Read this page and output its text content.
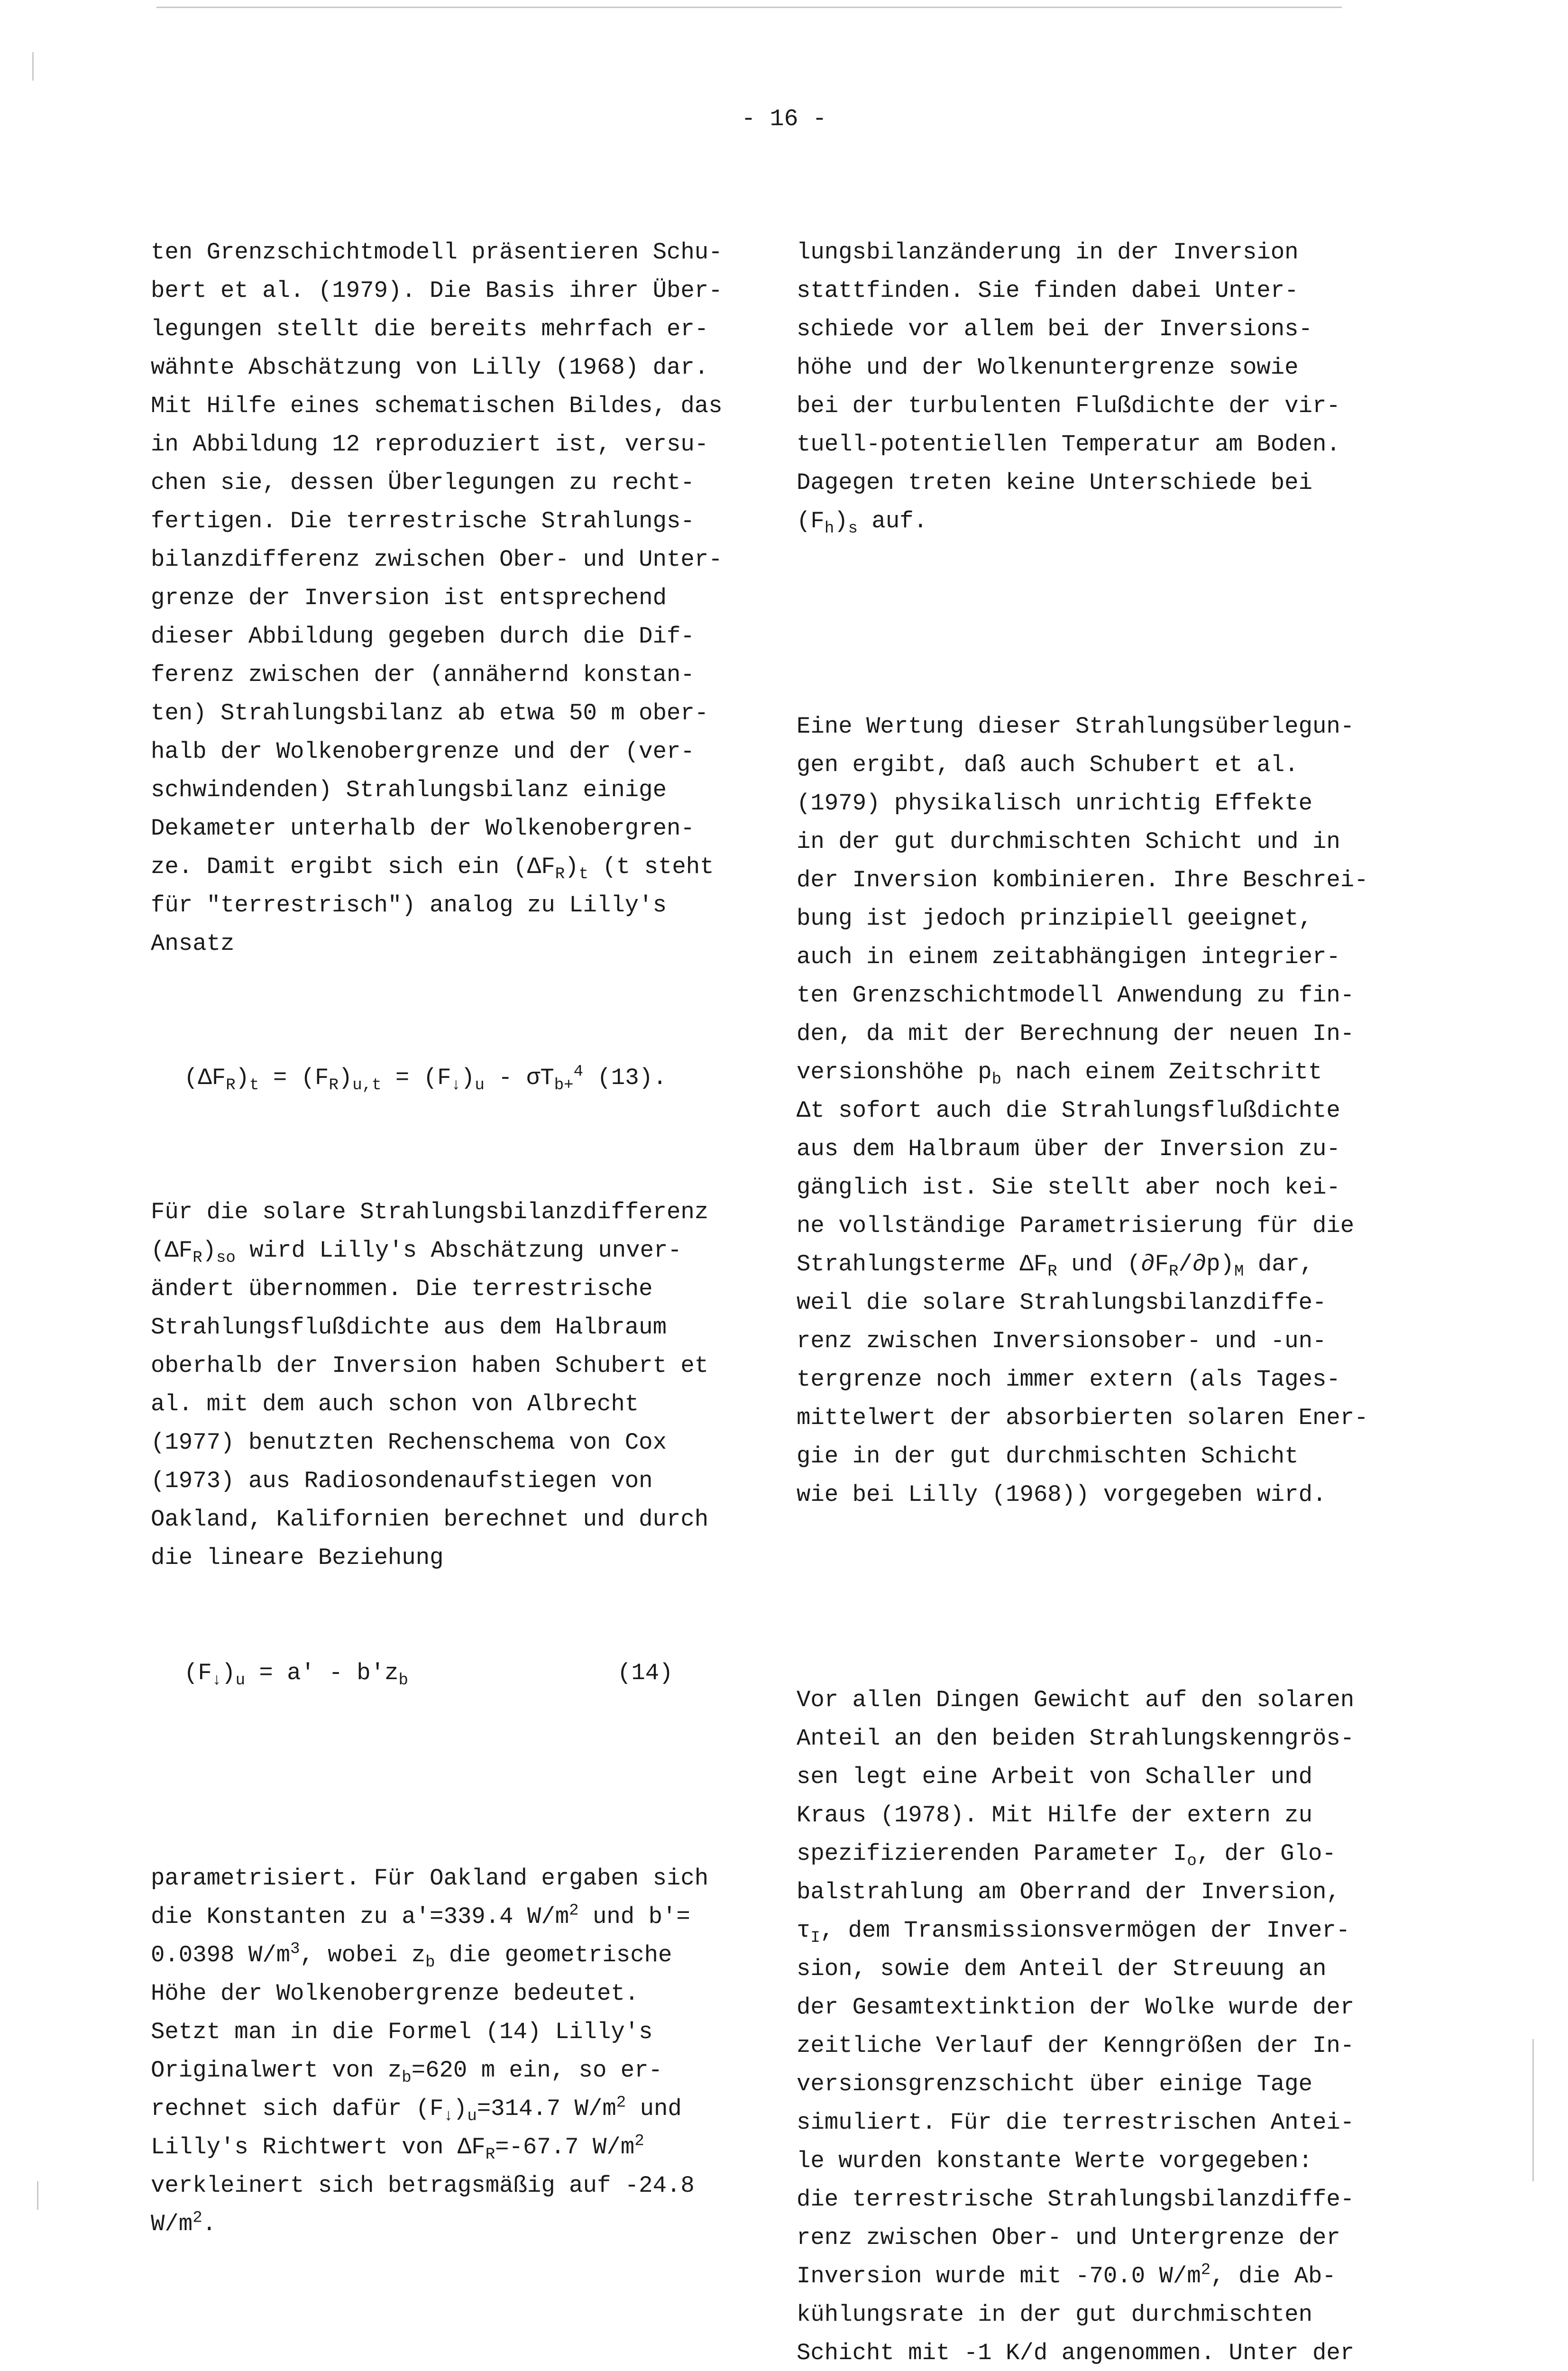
- 16 -

ten Grenzschichtmodell präsentieren Schu-
bert et al. (1979). Die Basis ihrer Über-
legungen stellt die bereits mehrfach er-
wähnte Abschätzung von Lilly (1968) dar.
Mit Hilfe eines schematischen Bildes, das
in Abbildung 12 reproduziert ist, versu-
chen sie, dessen Überlegungen zu recht-
fertigen. Die terrestrische Strahlungs-
bilanzdifferenz zwischen Ober- und Unter-
grenze der Inversion ist entsprechend
dieser Abbildung gegeben durch die Dif-
ferenz zwischen der (annähernd konstan-
ten) Strahlungsbilanz ab etwa 50 m ober-
halb der Wolkenobergrenze und der (ver-
schwindenden) Strahlungsbilanz einige
Dekameter unterhalb der Wolkenobergren-
ze. Damit ergibt sich ein $(\Delta F_R)_t$ (t steht
für "terrestrisch") analog zu Lilly's
Ansatz

$(\Delta F_R)_t = (F_R)_{u,t} = (F_↓)_u - \sigma T_{b+}^4$ (13).

Für die solare Strahlungsbilanzdifferenz
$(\Delta F_R)_{so}$ wird Lilly's Abschätzung unver-
ändert übernommen. Die terrestrische
Strahlungsflußdichte aus dem Halbraum
oberhalb der Inversion haben Schubert et
al. mit dem auch schon von Albrecht
(1977) benutzten Rechenschema von Cox
(1973) aus Radiosondenaufstiegen von
Oakland, Kalifornien berechnet und durch
die lineare Beziehung

$(F_↓)_u = a' - b'z_b$               (14)

parametrisiert. Für Oakland ergaben sich
die Konstanten zu a'=339.4 $W/m^2$ und b'=
0.0398 $W/m^3$, wobei $z_b$ die geometrische
Höhe der Wolkenobergrenze bedeutet.
Setzt man in die Formel (14) Lilly's
Originalwert von $z_b=620$ m ein, so er-
rechnet sich dafür $(F_↓)_u=314.7$ $W/m^2$ und
Lilly's Richtwert von $\Delta F_R=-67.7$ $W/m^2$
verkleinert sich betragsmäßig auf -24.8
$W/m^2$.

lungsbilanzänderung in der Inversion
stattfinden. Sie finden dabei Unter-
schiede vor allem bei der Inversions-
höhe und der Wolkenuntergrenze sowie
bei der turbulenten Flußdichte der vir-
tuell-potentiellen Temperatur am Boden.
Dagegen treten keine Unterschiede bei
$(F_h)_s$ auf.

Eine Wertung dieser Strahlungsüberlegun-
gen ergibt, daß auch Schubert et al.
(1979) physikalisch unrichtig Effekte
in der gut durchmischten Schicht und in
der Inversion kombinieren. Ihre Beschrei-
bung ist jedoch prinzipiell geeignet,
auch in einem zeitabhängigen integrier-
ten Grenzschichtmodell Anwendung zu fin-
den, da mit der Berechnung der neuen In-
versionshöhe $p_b$ nach einem Zeitschritt
Δt sofort auch die Strahlungsflußdichte
aus dem Halbraum über der Inversion zu-
gänglich ist. Sie stellt aber noch kei-
ne vollständige Parametrisierung für die
Strahlungsterme $\Delta F_R$ und $(\partial F_R/\partial p)_M$ dar,
weil die solare Strahlungsbilanzdiffe-
renz zwischen Inversionsober- und -un-
tergrenze noch immer extern (als Tages-
mittelwert der absorbierten solaren Ener-
gie in der gut durchmischten Schicht
wie bei Lilly (1968)) vorgegeben wird.

Vor allen Dingen Gewicht auf den solaren
Anteil an den beiden Strahlungskenngrös-
sen legt eine Arbeit von Schaller und
Kraus (1978). Mit Hilfe der extern zu
spezifizierenden Parameter $I_o$, der Glo-
balstrahlung am Oberrand der Inversion,
$\tau_I$, dem Transmissionsvermögen der Inver-
sion, sowie dem Anteil der Streuung an
der Gesamtextinktion der Wolke wurde der
zeitliche Verlauf der Kenngrößen der In-
versionsgrenzschicht über einige Tage
simuliert. Für die terrestrischen Antei-
le wurden konstante Werte vorgegeben:
die terrestrische Strahlungsbilanzdiffe-
renz zwischen Ober- und Untergrenze der
Inversion wurde mit -70.0 $W/m^2$, die Ab-
kühlungsrate in der gut durchmischten
Schicht mit -1 K/d angenommen. Unter der
